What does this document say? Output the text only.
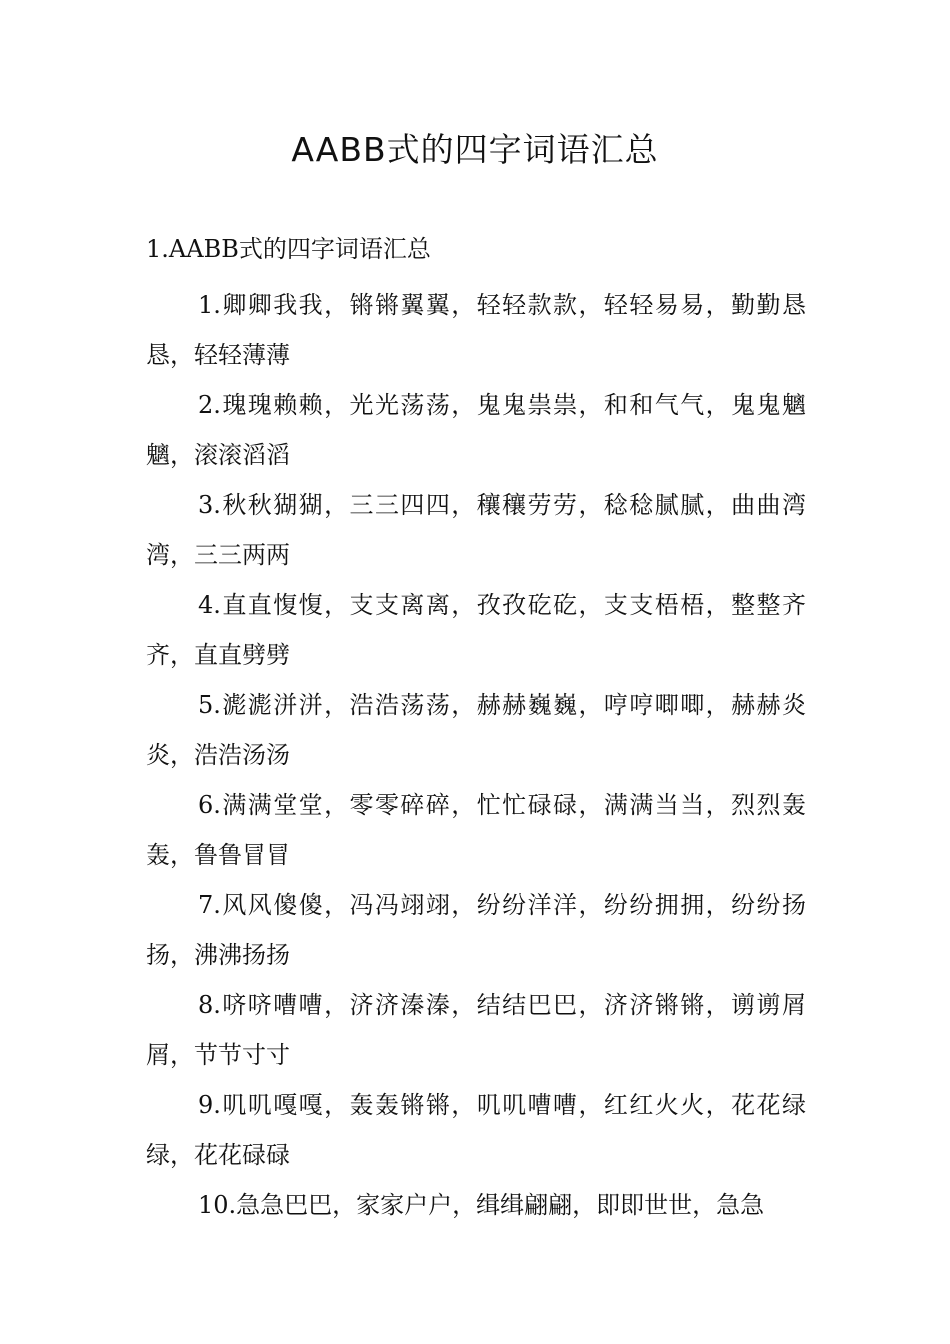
AABB式的四字词语汇总
1.AABB式的四字词语汇总

1.卿卿我我，锵锵翼翼，轻轻款款，轻轻易易，勤勤恳恳，轻轻薄薄

2.瑰瑰赖赖，光光荡荡，鬼鬼祟祟，和和气气，鬼鬼魑魑，滚滚滔滔

3.秋秋猢猢，三三四四，穰穰劳劳，稔稔腻腻，曲曲湾湾，三三两两

4.直直愎愎，支支离离，孜孜矻矻，支支梧梧，整整齐齐，直直劈劈

5.滮滮洴洴，浩浩荡荡，赫赫巍巍，哼哼唧唧，赫赫炎炎，浩浩汤汤

6.满满堂堂，零零碎碎，忙忙碌碌，满满当当，烈烈轰轰，鲁鲁冒冒

7.风风傻傻，冯冯翊翊，纷纷洋洋，纷纷拥拥，纷纷扬扬，沸沸扬扬

8.哜哜嘈嘈，济济溱溱，结结巴巴，济济锵锵，谫谫屑屑，节节寸寸

9.叽叽嘎嘎，轰轰锵锵，叽叽嘈嘈，红红火火，花花绿绿，花花碌碌

10.急急巴巴，家家户户，缉缉翩翩，即即世世，急急
